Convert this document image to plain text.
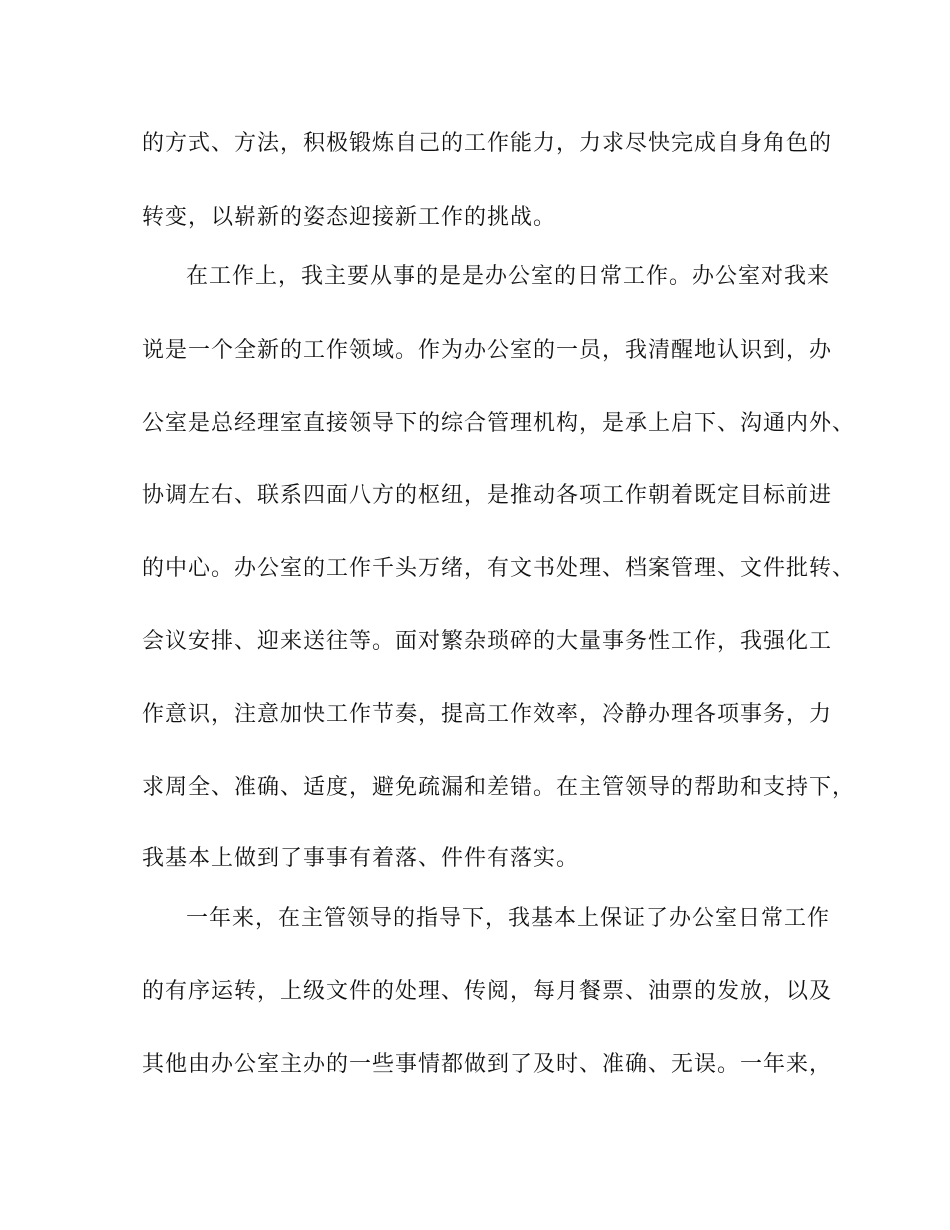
的方式、方法，积极锻炼自己的工作能力，力求尽快完成自身角色的
转变，以崭新的姿态迎接新工作的挑战。
在工作上，我主要从事的是是办公室的日常工作。办公室对我来
说是一个全新的工作领域。作为办公室的一员，我清醒地认识到，办
公室是总经理室直接领导下的综合管理机构，是承上启下、沟通内外、
协调左右、联系四面八方的枢纽，是推动各项工作朝着既定目标前进
的中心。办公室的工作千头万绪，有文书处理、档案管理、文件批转、
会议安排、迎来送往等。面对繁杂琐碎的大量事务性工作，我强化工
作意识，注意加快工作节奏，提高工作效率，冷静办理各项事务，力
求周全、准确、适度，避免疏漏和差错。在主管领导的帮助和支持下，
我基本上做到了事事有着落、件件有落实。
一年来，在主管领导的指导下，我基本上保证了办公室日常工作
的有序运转，上级文件的处理、传阅，每月餐票、油票的发放，以及
其他由办公室主办的一些事情都做到了及时、准确、无误。一年来，
